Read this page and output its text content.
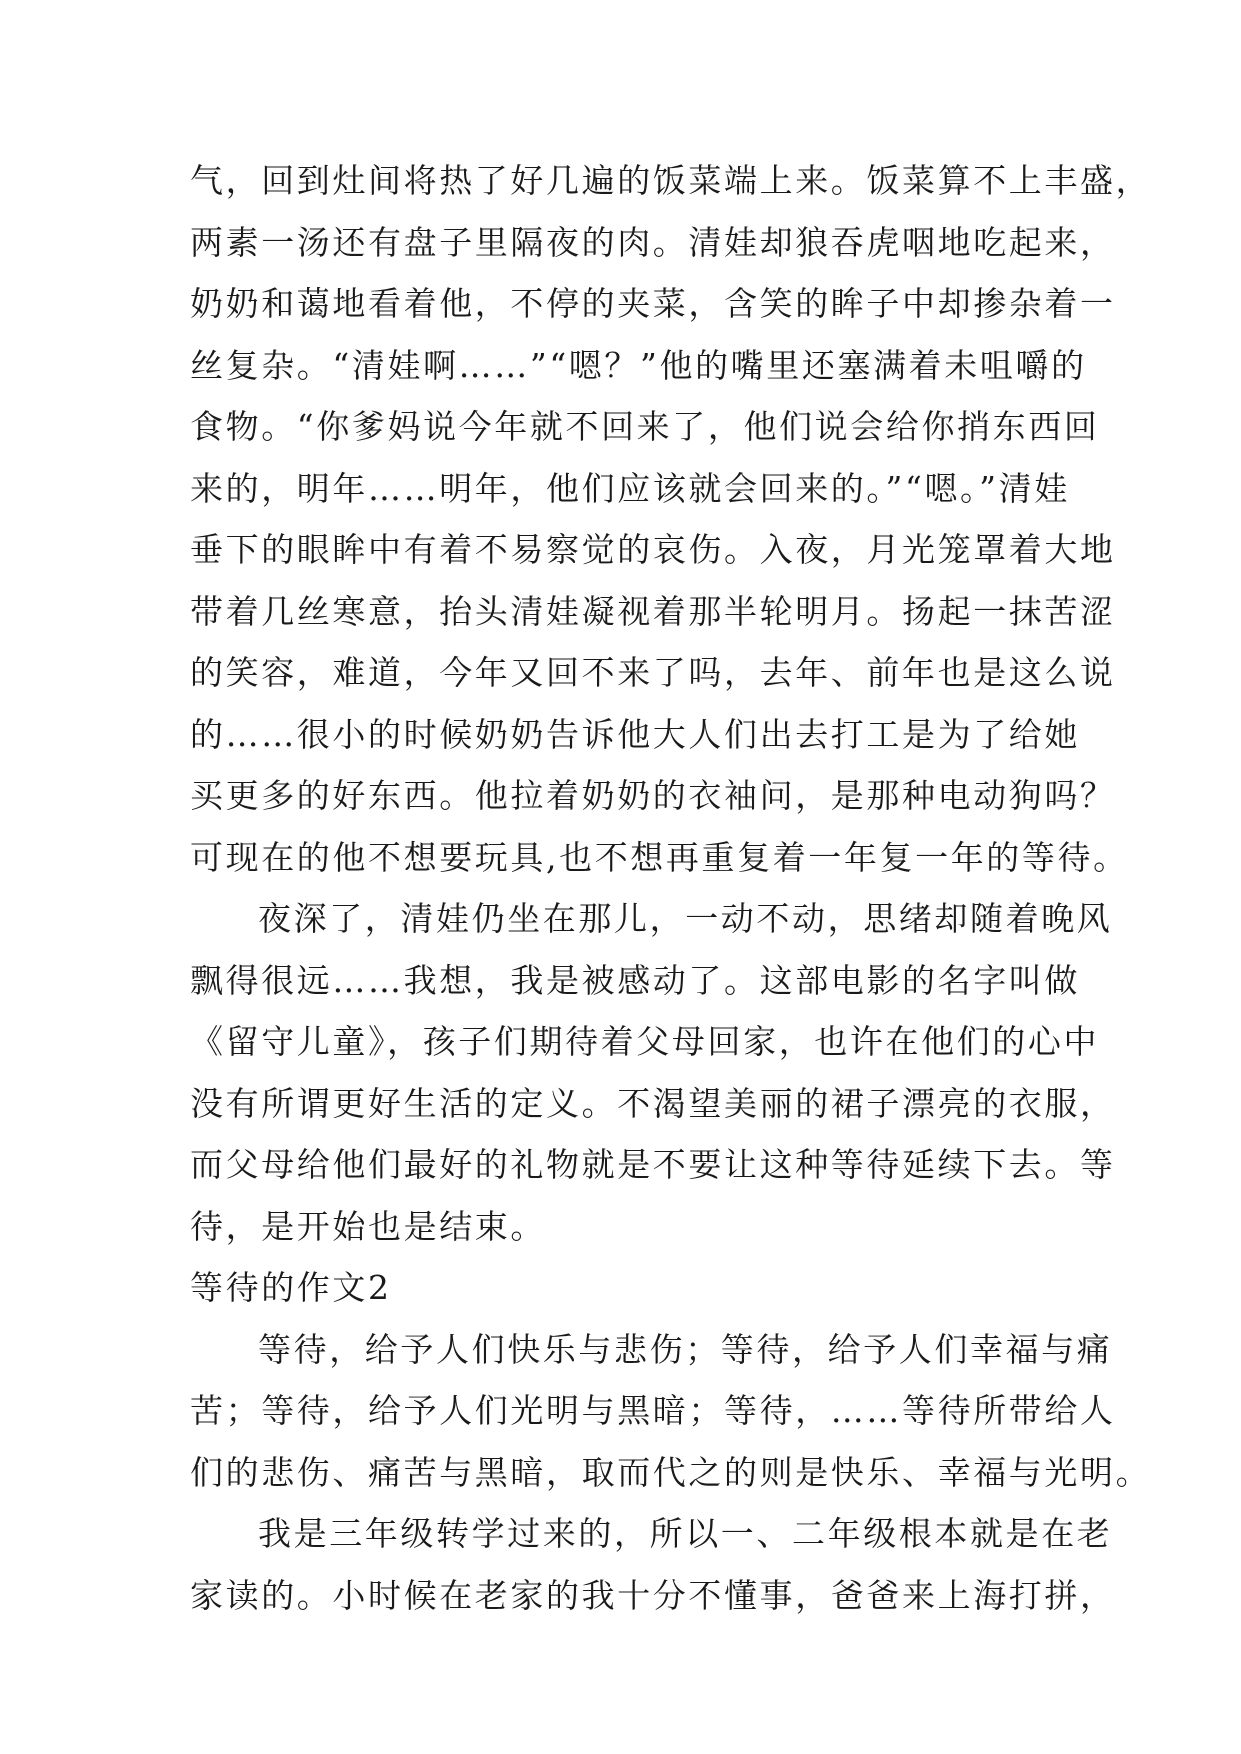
气，回到灶间将热了好几遍的饭菜端上来。饭菜算不上丰盛，
两素一汤还有盘子里隔夜的肉。清娃却狼吞虎咽地吃起来，
奶奶和蔼地看着他，不停的夹菜，含笑的眸子中却掺杂着一
丝复杂。“清娃啊……”“嗯？”他的嘴里还塞满着未咀嚼的
食物。“你爹妈说今年就不回来了，他们说会给你捎东西回
来的，明年……明年，他们应该就会回来的。”“嗯。”清娃
垂下的眼眸中有着不易察觉的哀伤。入夜，月光笼罩着大地
带着几丝寒意，抬头清娃凝视着那半轮明月。扬起一抹苦涩
的笑容，难道，今年又回不来了吗，去年、前年也是这么说
的……很小的时候奶奶告诉他大人们出去打工是为了给她
买更多的好东西。他拉着奶奶的衣袖问，是那种电动狗吗？
可现在的他不想要玩具,也不想再重复着一年复一年的等待。
夜深了，清娃仍坐在那儿，一动不动，思绪却随着晚风
飘得很远……我想，我是被感动了。这部电影的名字叫做
《留守儿童》，孩子们期待着父母回家，也许在他们的心中
没有所谓更好生活的定义。不渴望美丽的裙子漂亮的衣服，
而父母给他们最好的礼物就是不要让这种等待延续下去。等
待，是开始也是结束。
等待的作文2
等待，给予人们快乐与悲伤；等待，给予人们幸福与痛
苦；等待，给予人们光明与黑暗；等待，……等待所带给人
们的悲伤、痛苦与黑暗，取而代之的则是快乐、幸福与光明。
我是三年级转学过来的，所以一、二年级根本就是在老
家读的。小时候在老家的我十分不懂事，爸爸来上海打拼，
